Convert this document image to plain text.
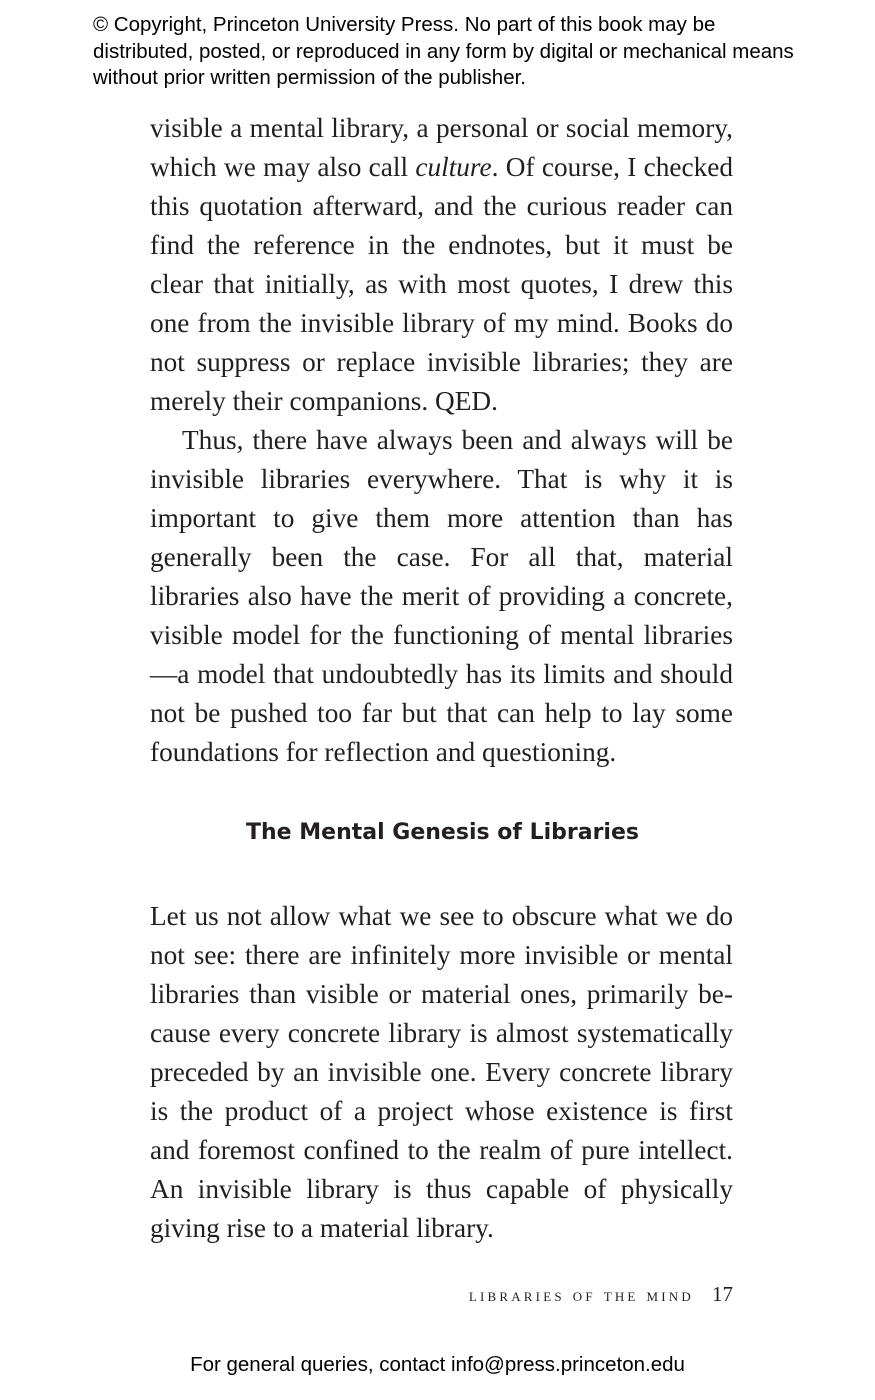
© Copyright, Princeton University Press. No part of this book may be distributed, posted, or reproduced in any form by digital or mechanical means without prior written permission of the publisher.

visible a mental library, a personal or social memory, which we may also call culture. Of course, I checked this quotation afterward, and the curious reader can find the reference in the endnotes, but it must be clear that initially, as with most quotes, I drew this one from the invisible library of my mind. Books do not suppress or replace invisible libraries; they are merely their companions. QED.

Thus, there have always been and always will be invisible libraries everywhere. That is why it is important to give them more attention than has generally been the case. For all that, material libraries also have the merit of providing a concrete, visible model for the functioning of mental libraries—a model that undoubtedly has its limits and should not be pushed too far but that can help to lay some foundations for reflection and questioning.

The Mental Genesis of Libraries

Let us not allow what we see to obscure what we do not see: there are infinitely more invisible or mental libraries than visible or material ones, primarily because every concrete library is almost systematically preceded by an invisible one. Every concrete library is the product of a project whose existence is first and foremost confined to the realm of pure intellect. An invisible library is thus capable of physically giving rise to a material library.

libraries of the mind 17

For general queries, contact info@press.princeton.edu
